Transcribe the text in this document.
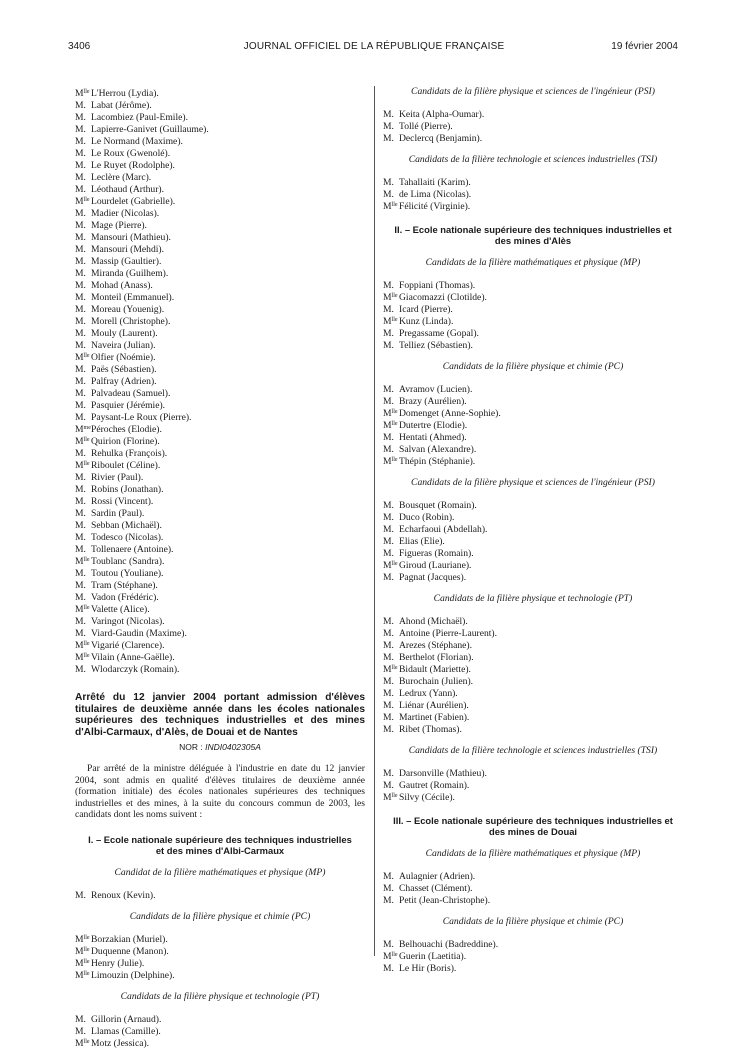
3406	JOURNAL OFFICIEL DE LA RÉPUBLIQUE FRANÇAISE	19 février 2004
$M^{lle}L'Herrou$ (Lydia).
M. Labat (Jérôme).
M. Lacombiez (Paul-Emile).
M. Lapierre-Ganivet (Guillaume).
M. Le Normand (Maxime).
M. Le Roux (Gwenolé).
M. Le Ruyet (Rodolphe).
M. Leclère (Marc).
M. Léothaud (Arthur).
$M^{lle}Lourdelet$ (Gabrielle).
M. Madier (Nicolas).
M. Mage (Pierre).
M. Mansouri (Mathieu).
M. Mansouri (Mehdi).
M. Massip (Gaultier).
M. Miranda (Guilhem).
M. Mohad (Anass).
M. Monteil (Emmanuel).
M. Moreau (Youenig).
M. Morell (Christophe).
M. Mouly (Laurent).
M. Naveira (Julian).
$M^{lle}Olfier$ (Noémie).
M. Paës (Sébastien).
M. Palfray (Adrien).
M. Palvadeau (Samuel).
M. Pasquier (Jérémie).
M. Paysant-Le Roux (Pierre).
$M^{me}Péroches$ (Elodie).
$M^{lle}Quirion$ (Florine).
M. Rehulka (François).
$M^{lle}Riboulet$ (Céline).
M. Rivier (Paul).
M. Robins (Jonathan).
M. Rossi (Vincent).
M. Sardin (Paul).
M. Sebban (Michaël).
M. Todesco (Nicolas).
M. Tollenaere (Antoine).
$M^{lle}Toublanc$ (Sandra).
M. Toutou (Youliane).
M. Tram (Stéphane).
M. Vadon (Frédéric).
$M^{lle}Valette$ (Alice).
M. Varingot (Nicolas).
M. Viard-Gaudin (Maxime).
$M^{lle}Vigarié$ (Clarence).
$M^{lle}Vilain$ (Anne-Gaëlle).
M. Wlodarczyk (Romain).
Arrêté du 12 janvier 2004 portant admission d'élèves titulaires de deuxième année dans les écoles nationales supérieures des techniques industrielles et des mines d'Albi-Carmaux, d'Alès, de Douai et de Nantes
NOR : INDI0402305A
Par arrêté de la ministre déléguée à l'industrie en date du 12 janvier 2004, sont admis en qualité d'élèves titulaires de deuxième année (formation initiale) des écoles nationales supérieures des techniques industrielles et des mines, à la suite du concours commun de 2003, les candidats dont les noms suivent :
I. – Ecole nationale supérieure des techniques industrielles et des mines d'Albi-Carmaux
Candidat de la filière mathématiques et physique (MP)
M. Renoux (Kevin).
Candidats de la filière physique et chimie (PC)
$M^{lle}Borzakian$ (Muriel).
$M^{lle}Duquenne$ (Manon).
$M^{lle}Henry$ (Julie).
$M^{lle}Limouzin$ (Delphine).
Candidats de la filière physique et technologie (PT)
M. Gillorin (Arnaud).
M. Llamas (Camille).
$M^{lle}Motz$ (Jessica).
Candidats de la filière physique et sciences de l'ingénieur (PSI)
M. Keita (Alpha-Oumar).
M. Tollé (Pierre).
M. Declercq (Benjamin).
Candidats de la filière technologie et sciences industrielles (TSI)
M. Tahallaiti (Karim).
M. de Lima (Nicolas).
$M^{lle}Félicité$ (Virginie).
II. – Ecole nationale supérieure des techniques industrielles et des mines d'Alès
Candidats de la filière mathématiques et physique (MP)
M. Foppiani (Thomas).
$M^{lle}Giacomazzi$ (Clotilde).
M. Icard (Pierre).
$M^{lle}Kunz$ (Linda).
M. Pregassame (Gopal).
M. Telliez (Sébastien).
Candidats de la filière physique et chimie (PC)
M. Avramov (Lucien).
M. Brazy (Aurélien).
$M^{lle}Domenget$ (Anne-Sophie).
$M^{lle}Dutertre$ (Elodie).
M. Hentati (Ahmed).
M. Salvan (Alexandre).
$M^{lle}Thépin$ (Stéphanie).
Candidats de la filière physique et sciences de l'ingénieur (PSI)
M. Bousquet (Romain).
M. Duco (Robin).
M. Echarfaoui (Abdellah).
M. Elias (Elie).
M. Figueras (Romain).
$M^{lle}Giroud$ (Lauriane).
M. Pagnat (Jacques).
Candidats de la filière physique et technologie (PT)
M. Ahond (Michaël).
M. Antoine (Pierre-Laurent).
M. Arezes (Stéphane).
M. Berthelot (Florian).
$M^{lle}Bidault$ (Mariette).
M. Burochain (Julien).
M. Ledrux (Yann).
M. Liénar (Aurélien).
M. Martinet (Fabien).
M. Ribet (Thomas).
Candidats de la filière technologie et sciences industrielles (TSI)
M. Darsonville (Mathieu).
M. Gautret (Romain).
$M^{lle}Silvy$ (Cécile).
III. – Ecole nationale supérieure des techniques industrielles et des mines de Douai
Candidats de la filière mathématiques et physique (MP)
M. Aulagnier (Adrien).
M. Chasset (Clément).
M. Petit (Jean-Christophe).
Candidats de la filière physique et chimie (PC)
M. Belhouachi (Badreddine).
$M^{lle}Guerin$ (Laetitia).
M. Le Hir (Boris).
